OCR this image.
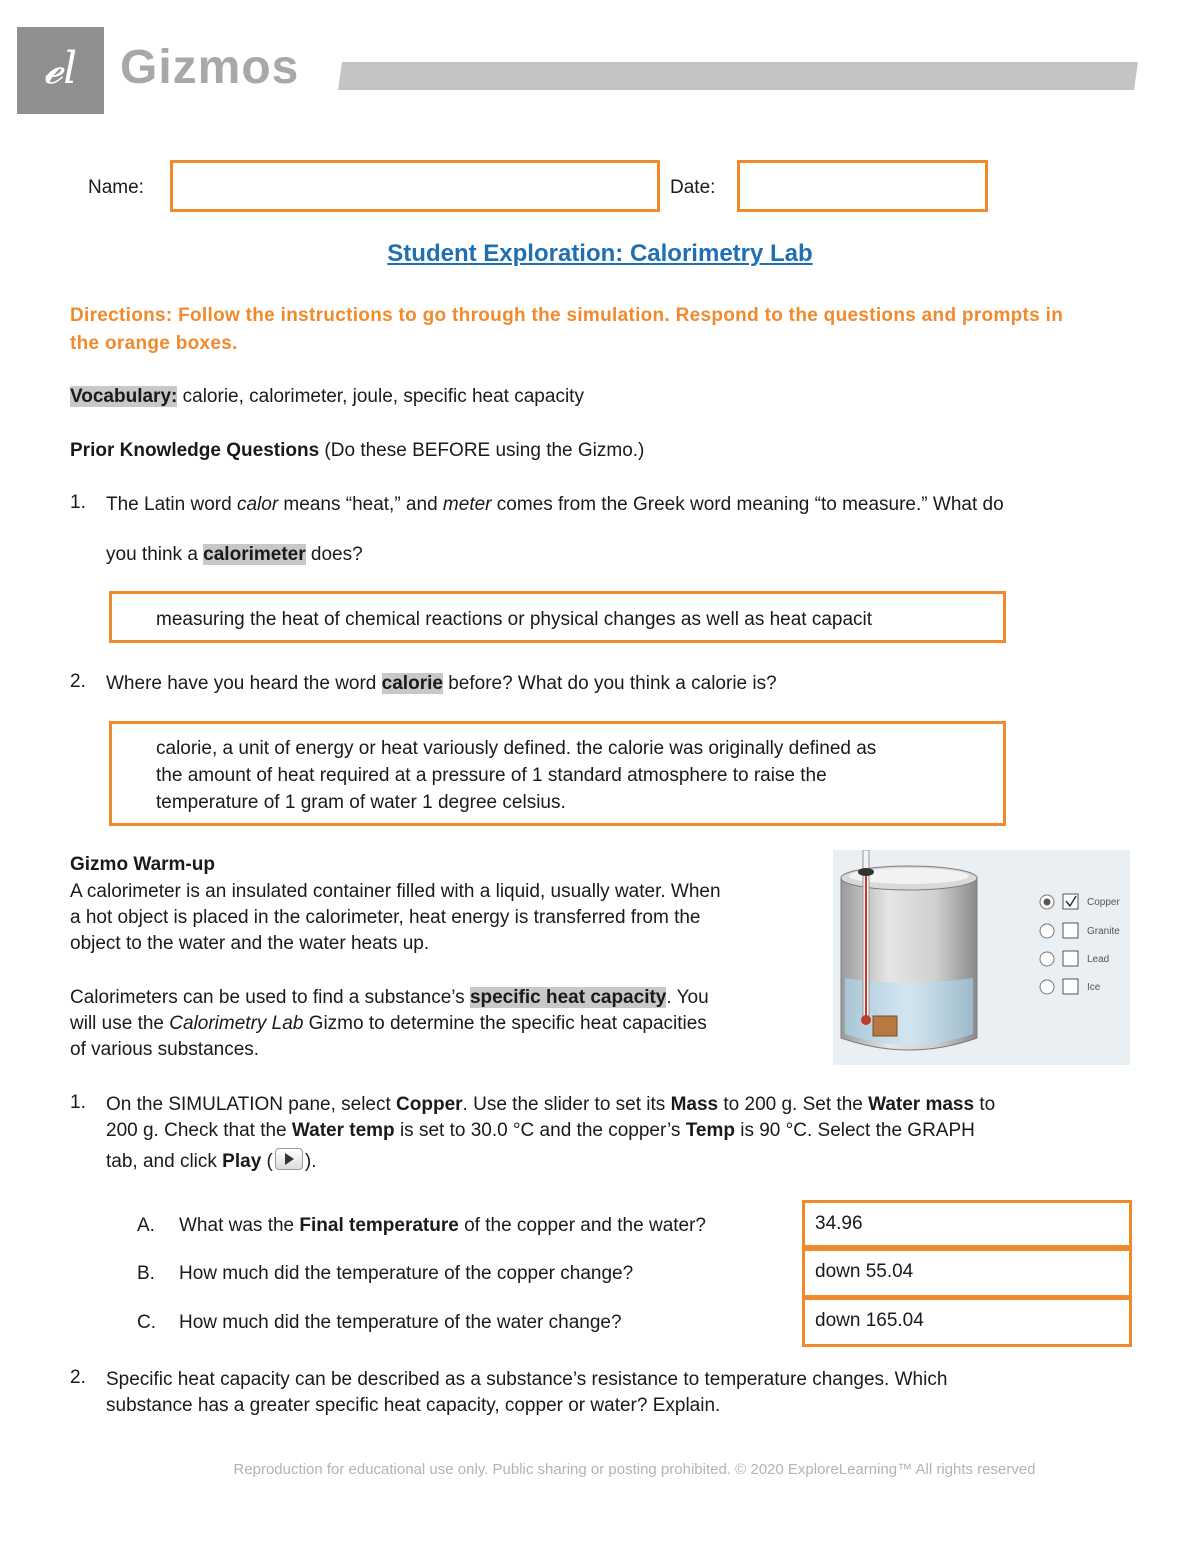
𝓮l Gizmos
Name:	Date:
Student Exploration: Calorimetry Lab
Directions: Follow the instructions to go through the simulation. Respond to the questions and prompts in the orange boxes.
Vocabulary: calorie, calorimeter, joule, specific heat capacity
Prior Knowledge Questions (Do these BEFORE using the Gizmo.)
1. The Latin word calor means “heat,” and meter comes from the Greek word meaning “to measure.” What do
you think a calorimeter does?
measuring the heat of chemical reactions or physical changes as well as heat capacit
2. Where have you heard the word calorie before? What do you think a calorie is?
calorie, a unit of energy or heat variously defined. the calorie was originally defined as
the amount of heat required at a pressure of 1 standard atmosphere to raise the
temperature of 1 gram of water 1 degree celsius.
Gizmo Warm-up
A calorimeter is an insulated container filled with a liquid, usually water. When
a hot object is placed in the calorimeter, heat energy is transferred from the
object to the water and the water heats up.
Calorimeters can be used to find a substance’s specific heat capacity. You
will use the Calorimetry Lab Gizmo to determine the specific heat capacities
of various substances.
Copper
Granite
Lead
Ice
1. On the SIMULATION pane, select Copper. Use the slider to set its Mass to 200 g. Set the Water mass to
200 g. Check that the Water temp is set to 30.0 °C and the copper’s Temp is 90 °C. Select the GRAPH
tab, and click Play ( ).
A. What was the Final temperature of the copper and the water?	34.96
B. How much did the temperature of the copper change?	down 55.04
C. How much did the temperature of the water change?	down 165.04
2. Specific heat capacity can be described as a substance’s resistance to temperature changes. Which
substance has a greater specific heat capacity, copper or water? Explain.
Reproduction for educational use only. Public sharing or posting prohibited. © 2020 ExploreLearning™ All rights reserved
